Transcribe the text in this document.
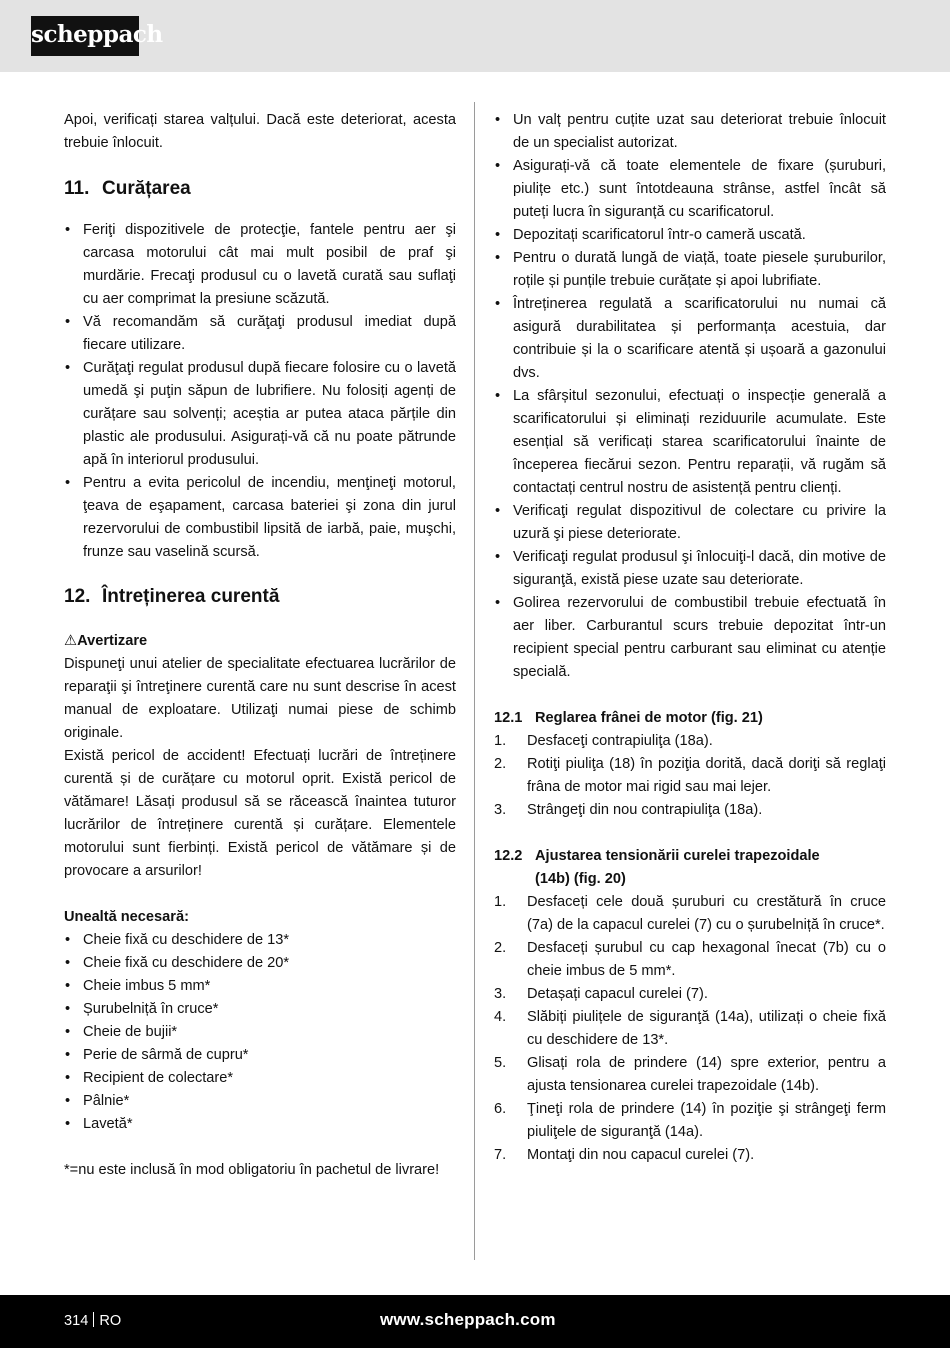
scheppach

Apoi, verificați starea valțului. Dacă este deteriorat, acesta trebuie înlocuit.

11. Curățarea
• Feriţi dispozitivele de protecţie, fantele pentru aer şi carcasa motorului cât mai mult posibil de praf şi murdărie. Frecaţi produsul cu o lavetă curată sau suflaţi cu aer comprimat la presiune scăzută.
• Vă recomandăm să curăţaţi produsul imediat după fiecare utilizare.
• Curăţaţi regulat produsul după fiecare folosire cu o lavetă umedă şi puţin săpun de lubrifiere. Nu folosiți agenți de curățare sau solvenți; aceștia ar putea ataca părțile din plastic ale produsului. Asigurați-vă că nu poate pătrunde apă în interiorul produsului.
• Pentru a evita pericolul de incendiu, menţineţi motorul, ţeava de eşapament, carcasa bateriei şi zona din jurul rezervorului de combustibil lipsită de iarbă, paie, muşchi, frunze sau vaselină scursă.
12. Întreținerea curentă
⚠Avertizare

Dispuneţi unui atelier de specialitate efectuarea lucrărilor de reparaţii şi întreţinere curentă care nu sunt descrise în acest manual de exploatare. Utilizaţi numai piese de schimb originale.

Există pericol de accident! Efectuați lucrări de întreținere curentă și de curățare cu motorul oprit. Există pericol de vătămare! Lăsați produsul să se răcească înaintea tuturor lucrărilor de întreținere curentă și curățare. Elementele motorului sunt fierbinți. Există pericol de vătămare și de provocare a arsurilor!

Unealtă necesară:

• Cheie fixă cu deschidere de 13*
• Cheie fixă cu deschidere de 20*
• Cheie imbus 5 mm*
• Șurubelniță în cruce*
• Cheie de bujii*
• Perie de sârmă de cupru*
• Recipient de colectare*
• Pâlnie*
• Lavetă*

*=nu este inclusă în mod obligatoriu în pachetul de livrare!

• Un valț pentru cuțite uzat sau deteriorat trebuie înlocuit de un specialist autorizat.
• Asigurați-vă că toate elementele de fixare (șuruburi, piulițe etc.) sunt întotdeauna strânse, astfel încât să puteți lucra în siguranță cu scarificatorul.
• Depozitați scarificatorul într-o cameră uscată.
• Pentru o durată lungă de viață, toate piesele șuruburilor, roțile și punțile trebuie curățate și apoi lubrifiate.
• Întreținerea regulată a scarificatorului nu numai că asigură durabilitatea și performanța acestuia, dar contribuie și la o scarificare atentă și ușoară a gazonului dvs.
• La sfârșitul sezonului, efectuați o inspecție generală a scarificatorului și eliminați reziduurile acumulate. Este esențial să verificați starea scarificatorului înainte de începerea fiecărui sezon. Pentru reparații, vă rugăm să contactați centrul nostru de asistență pentru clienți.
• Verificaţi regulat dispozitivul de colectare cu privire la uzură şi piese deteriorate.
• Verificaţi regulat produsul şi înlocuiţi-l dacă, din motive de siguranţă, există piese uzate sau deteriorate.
• Golirea rezervorului de combustibil trebuie efectuată în aer liber. Carburantul scurs trebuie depozitat într-un recipient special pentru carburant sau eliminat cu atenție specială.
12.1 Reglarea frânei de motor (fig. 21)
1. Desfaceţi contrapiuliţa (18a).
2. Rotiţi piuliţa (18) în poziţia dorită, dacă doriţi să reglaţi frâna de motor mai rigid sau mai lejer.
3. Strângeţi din nou contrapiuliţa (18a).
12.2 Ajustarea tensionării curelei trapezoidale
(14b) (fig. 20)
1. Desfaceți cele două șuruburi cu crestătură în cruce (7a) de la capacul curelei (7) cu o șurubelniță în cruce*.
2. Desfaceți șurubul cu cap hexagonal înecat (7b) cu o cheie imbus de 5 mm*.
3. Detașați capacul curelei (7).
4. Slăbiți piulițele de siguranţă (14a), utilizați o cheie fixă cu deschidere de 13*.
5. Glisați rola de prindere (14) spre exterior, pentru a ajusta tensionarea curelei trapezoidale (14b).
6. Ţineţi rola de prindere (14) în poziţie şi strângeţi ferm piuliţele de siguranţă (14a).
7. Montaţi din nou capacul curelei (7).
314 RO	www.scheppach.com
